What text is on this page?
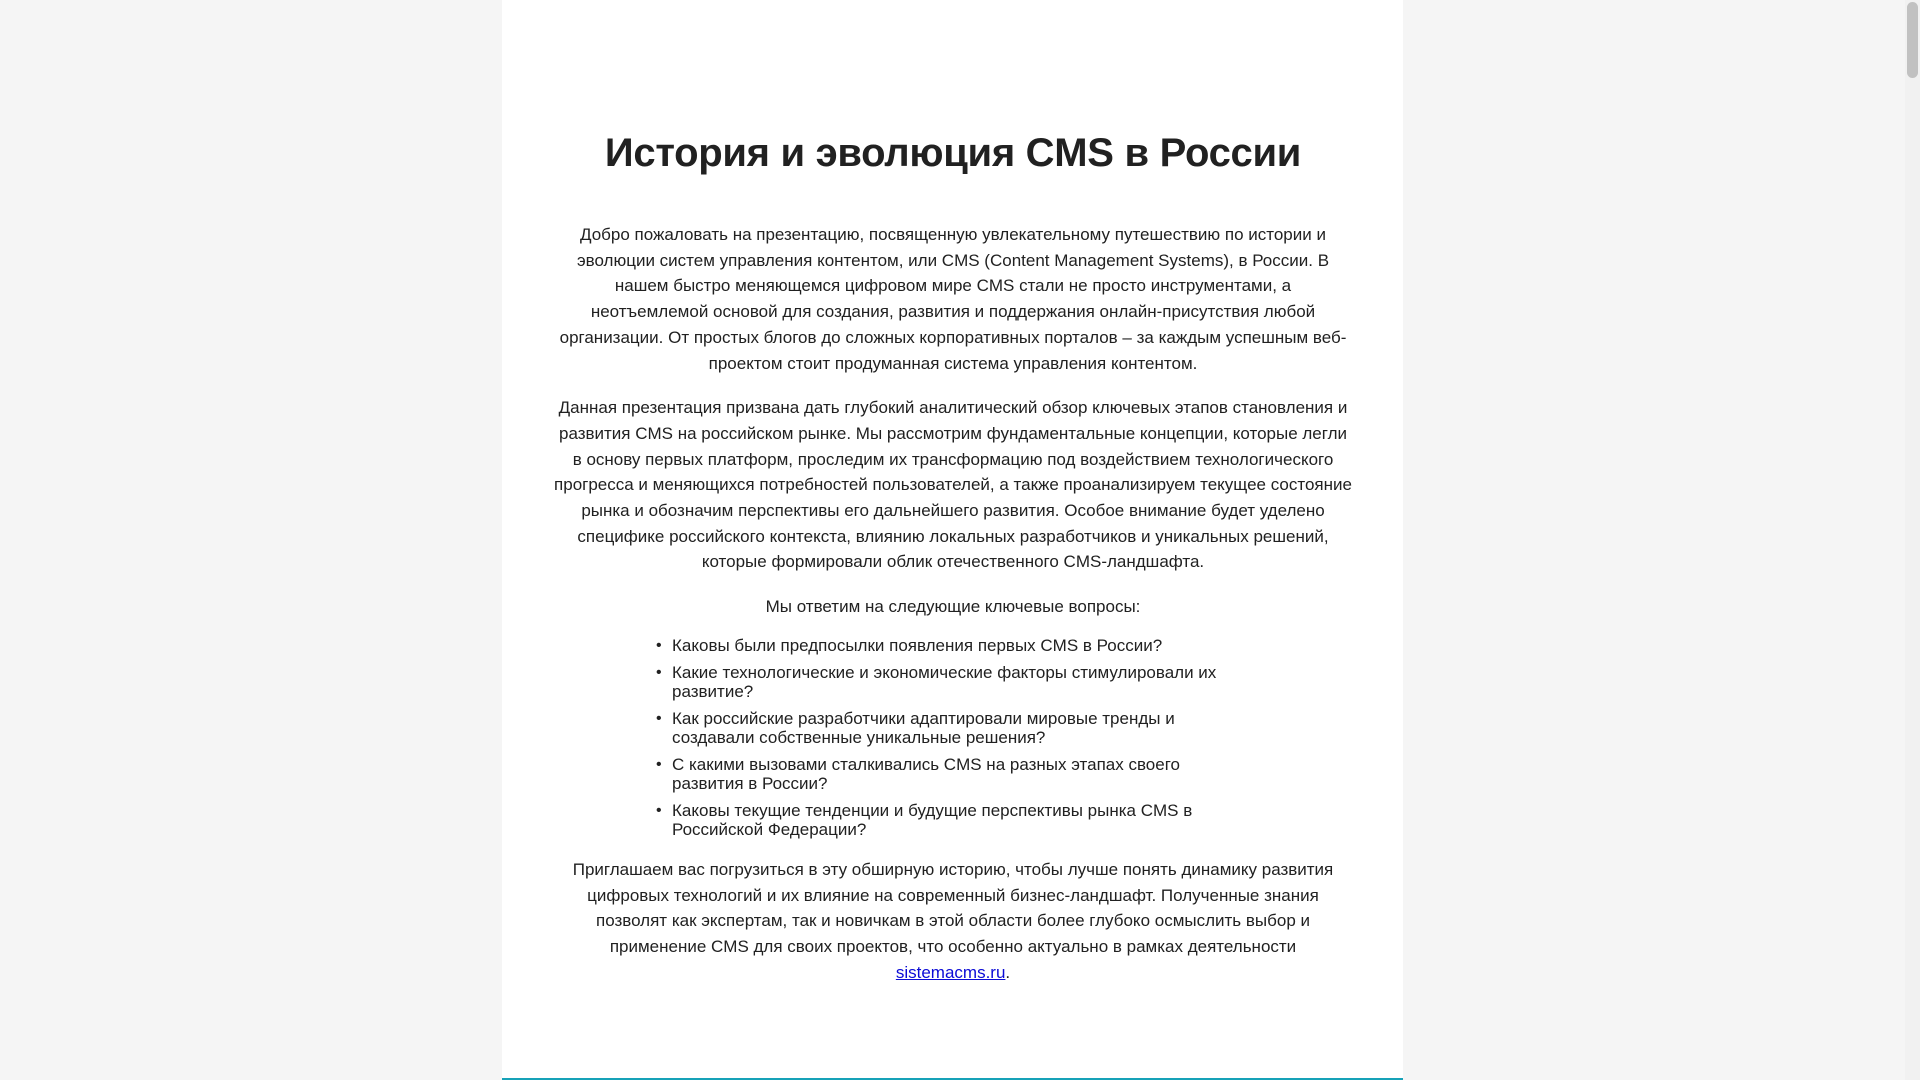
История и эволюция CMS в России

Добро пожаловать на презентацию, посвященную увлекательному путешествию по истории и эволюции систем управления контентом, или CMS (Content Management Systems), в России. В нашем быстро меняющемся цифровом мире CMS стали не просто инструментами, а неотъемлемой основой для создания, развития и поддержания онлайн-присутствия любой организации. От простых блогов до сложных корпоративных порталов – за каждым успешным веб-проектом стоит продуманная система управления контентом.

Данная презентация призвана дать глубокий аналитический обзор ключевых этапов становления и развития CMS на российском рынке. Мы рассмотрим фундаментальные концепции, которые легли в основу первых платформ, проследим их трансформацию под воздействием технологического прогресса и меняющихся потребностей пользователей, а также проанализируем текущее состояние рынка и обозначим перспективы его дальнейшего развития. Особое внимание будет уделено специфике российского контекста, влиянию локальных разработчиков и уникальных решений, которые формировали облик отечественного CMS-ландшафта.

Мы ответим на следующие ключевые вопросы:

• Каковы были предпосылки появления первых CMS в России?
• Какие технологические и экономические факторы стимулировали их развитие?
• Как российские разработчики адаптировали мировые тренды и создавали собственные уникальные решения?
• С какими вызовами сталкивались CMS на разных этапах своего развития в России?
• Каковы текущие тенденции и будущие перспективы рынка CMS в Российской Федерации?

Приглашаем вас погрузиться в эту обширную историю, чтобы лучше понять динамику развития цифровых технологий и их влияние на современный бизнес-ландшафт. Полученные знания позволят как экспертам, так и новичкам в этой области более глубоко осмыслить выбор и применение CMS для своих проектов, что особенно актуально в рамках деятельности sistemacms.ru.
